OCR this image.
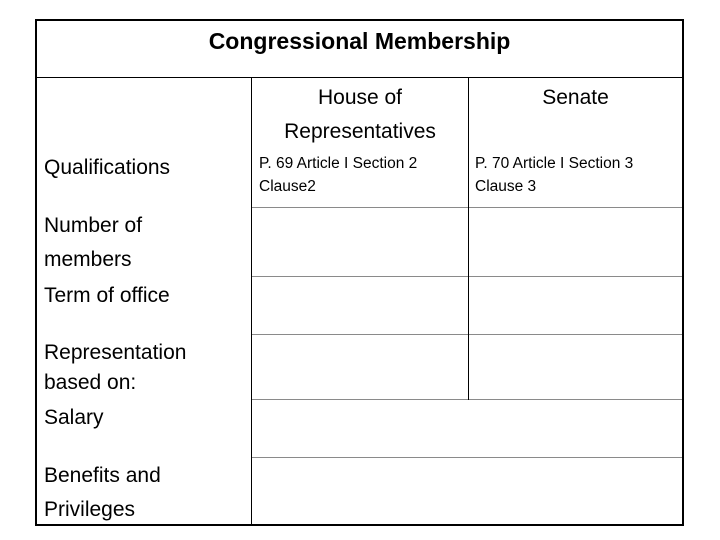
Congressional Membership
House of
Representatives
Senate
Qualifications
Number of
members
Term of office
Representation
based on:
Salary
Benefits and
Privileges
P. 69 Article I Section 2
Clause2
P. 70 Article I Section 3
Clause 3
